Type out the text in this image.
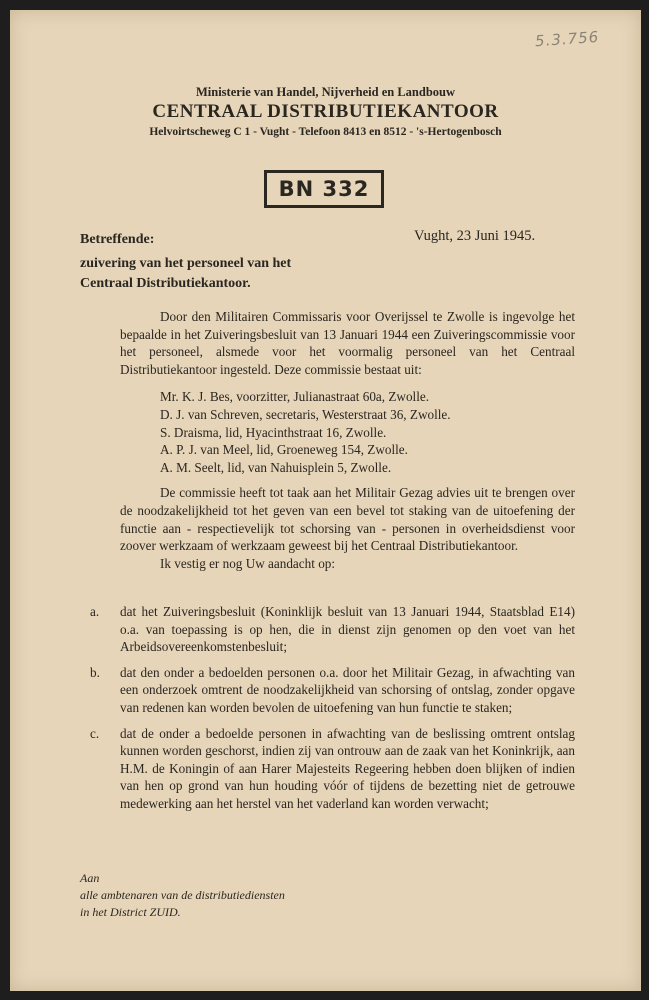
5.3.756
Ministerie van Handel, Nijverheid en Landbouw
CENTRAAL DISTRIBUTIEKANTOOR
Helvoirtscheweg C 1 - Vught - Telefoon 8413 en 8512 - 's-Hertogenbosch
BN 332
Betreffende:	Vught, 23 Juni 1945.
zuivering van het personeel van het
Centraal Distributiekantoor.

Door den Militairen Commissaris voor Overijssel te Zwolle is ingevolge het bepaalde in het Zuiveringsbesluit van 13 Januari 1944 een Zuiveringscommissie voor het personeel, alsmede voor het voormalig personeel van het Centraal Distributiekantoor ingesteld. Deze commissie bestaat uit:

Mr. K. J. Bes, voorzitter, Julianastraat 60a, Zwolle.
D. J. van Schreven, secretaris, Westerstraat 36, Zwolle.
S. Draisma, lid, Hyacinthstraat 16, Zwolle.
A. P. J. van Meel, lid, Groeneweg 154, Zwolle.
A. M. Seelt, lid, van Nahuisplein 5, Zwolle.

De commissie heeft tot taak aan het Militair Gezag advies uit te brengen over de noodzakelijkheid tot het geven van een bevel tot staking van de uitoefening der functie aan - respectievelijk tot schorsing van - personen in overheidsdienst voor zoover werkzaam of werkzaam geweest bij het Centraal Distributiekantoor.

Ik vestig er nog Uw aandacht op:

a.	dat het Zuiveringsbesluit (Koninklijk besluit van 13 Januari 1944, Staatsblad E14) o.a. van toepassing is op hen, die in dienst zijn genomen op den voet van het Arbeidsovereenkomstenbesluit;
b.	dat den onder a bedoelden personen o.a. door het Militair Gezag, in afwachting van een onderzoek omtrent de noodzakelijkheid van schorsing of ontslag, zonder opgave van redenen kan worden bevolen de uitoefening van hun functie te staken;
c.	dat de onder a bedoelde personen in afwachting van de beslissing omtrent ontslag kunnen worden geschorst, indien zij van ontrouw aan de zaak van het Koninkrijk, aan H.M. de Koningin of aan Harer Majesteits Regeering hebben doen blijken of indien van hen op grond van hun houding vóór of tijdens de bezetting niet de getrouwe medewerking aan het herstel van het vaderland kan worden verwacht;
Aan
alle ambtenaren van de distributiediensten
in het District ZUID.
